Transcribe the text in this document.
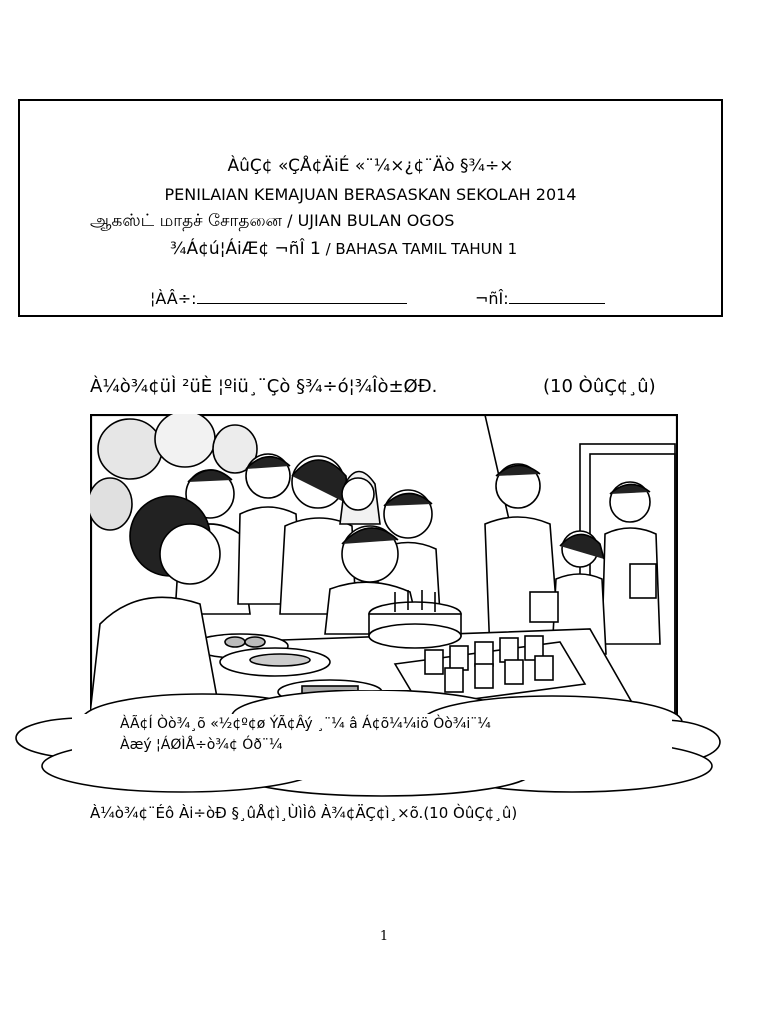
ÀûÇ¢ «ÇÅ¢ÄiÉ «¨¼×¿¢¨Äò §¾÷×
PENILAIAN KEMAJUAN BERASASKAN SEKOLAH 2014
ஆகஸ்ட் மாதச் சோதனை / UJIAN BULAN OGOS
¾Á¢ú¦ÁiÆ¢ ¬ñÎ 1 / BAHASA TAMIL TAHUN 1
¦ÀÂ÷:	¬ñÎ:
À¼ò¾¢üÌ ²üÈ ¦ºiü¸¨Çò §¾÷ó¦¾Îò±ØÐ.	(10 ÒûÇ¢¸û)
ÀÃ¢Í Òò¾¸õ «½¢º¢ø ÝÃ¢Âý ¸¨¼ â Á¢õ¼¼iö Òò¾i¨¼
Àæý ¦ÁØÌÅ÷ò¾¢ Óð¨¼
À¼ò¾¢¨Éô Ài÷òÐ §¸ûÅ¢ì¸ÙìÌô À¾¢ÄÇ¢ì¸×õ.(10 ÒûÇ¢¸û)
1
